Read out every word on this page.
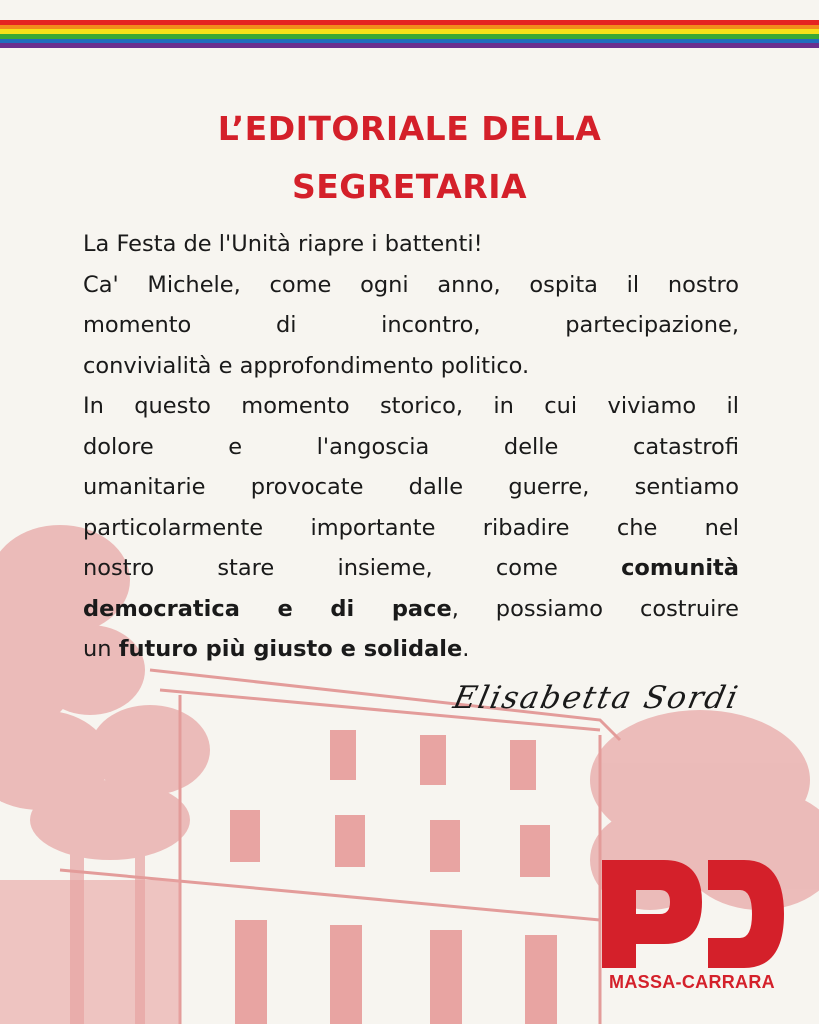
L’EDITORIALE DELLA
SEGRETARIA
La Festa de l'Unità riapre i battenti!
Ca' Michele, come ogni anno, ospita il nostro
momento di incontro, partecipazione,
convivialità e approfondimento politico.
In questo momento storico, in cui viviamo il
dolore e l'angoscia delle catastrofi
umanitarie provocate dalle guerre, sentiamo
particolarmente importante ribadire che nel
nostro stare insieme, come comunità
democratica e di pace, possiamo costruire
un futuro più giusto e solidale.
Elisabetta Sordi
MASSA-CARRARA
